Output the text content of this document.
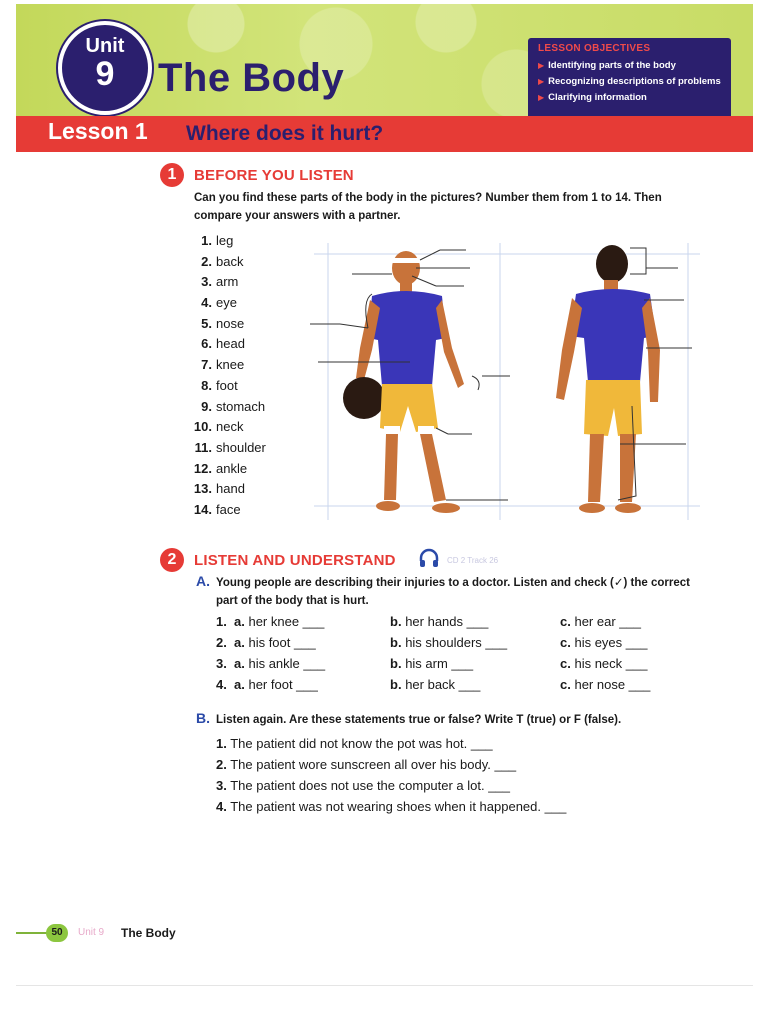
Unit
9	The Body
LESSON OBJECTIVES
▶ Identifying parts of the body
▶ Recognizing descriptions of problems
▶ Clarifying information
Lesson 1 Where does it hurt?
1	BEFORE YOU LISTEN
Can you find these parts of the body in the pictures? Number them from 1 to 14. Then
compare your answers with a partner.
1. leg
2. back
3. arm
4. eye
5. nose
6. head
7. knee
8. foot
9. stomach
10. neck
11. shoulder
12. ankle
13. hand
14. face
2	LISTEN AND UNDERSTAND	CD 2 Track 26
A. Young people are describing their injuries to a doctor. Listen and check (✓) the correct
part of the body that is hurt.
1. a. her knee ___	b. her hands ___	c. her ear ___
2. a. his foot ___	b. his shoulders ___	c. his eyes ___
3. a. his ankle ___	b. his arm ___	c. his neck ___
4. a. her foot ___	b. her back ___	c. her nose ___
B. Listen again. Are these statements true or false? Write T (true) or F (false).
1. The patient did not know the pot was hot. ___
2. The patient wore sunscreen all over his body. ___
3. The patient does not use the computer a lot. ___
4. The patient was not wearing shoes when it happened. ___
50	Unit 9 The Body
